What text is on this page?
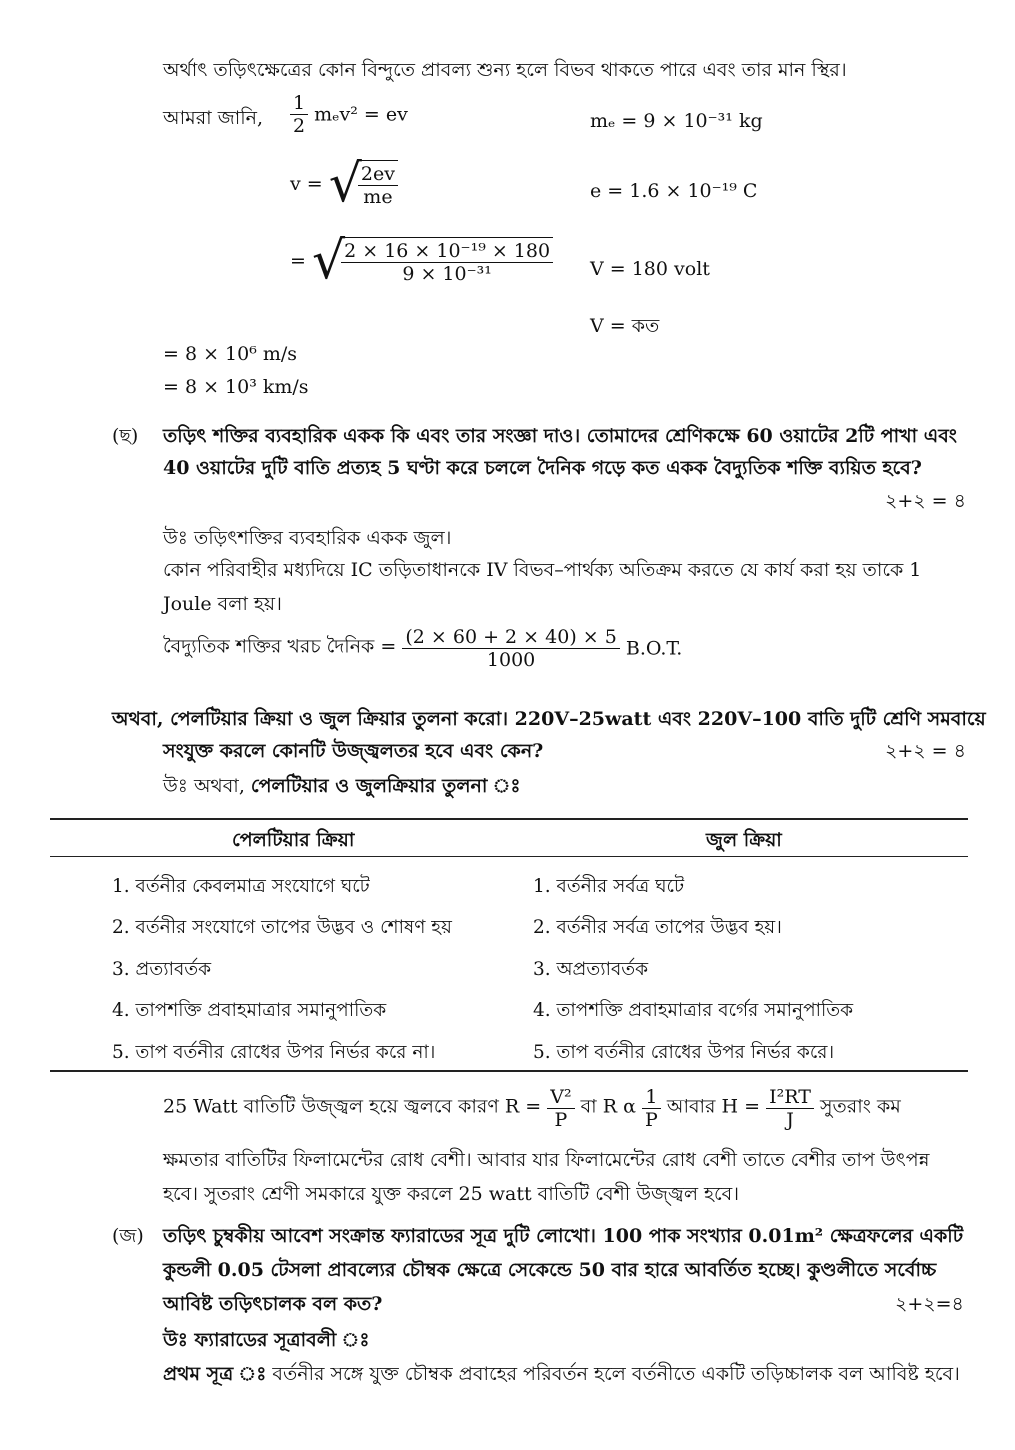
অর্থাৎ তড়িৎক্ষেত্রের কোন বিন্দুতে প্রাবল্য শুন্য হলে বিভব থাকতে পারে এবং তার মান স্থির।
আমরা জানি, $\frac{1}{2} m_ev^2$ = ev
v = √
$\frac{2ev}{me}$
= √
$\frac{\text{2 × 16 × 10⁻¹⁹ × 180}}{\text{9 × 10⁻³¹}}$
mₑ = 9 × 10⁻³¹ kg
e = 1.6 × 10⁻¹⁹ C
V = 180 volt
V = কত
= 8 × 10⁶ m/s
= 8 × 10³ km/s
(ছ) তড়িৎ শক্তির ব্যবহারিক একক কি এবং তার সংজ্ঞা দাও। তোমাদের শ্রেণিকক্ষে 60 ওয়াটের 2টি পাখা এবং
40 ওয়াটের দুটি বাতি প্রত্যহ 5 ঘণ্টা করে চললে দৈনিক গড়ে কত একক বৈদ্যুতিক শক্তি ব্যয়িত হবে?
২+২ = ৪
উঃ তড়িৎশক্তির ব্যবহারিক একক জুল।
কোন পরিবাহীর মধ্যদিয়ে IC তড়িতাধানকে IV বিভব–পার্থক্য অতিক্রম করতে যে কার্য করা হয় তাকে 1
Joule বলা হয়।
বৈদ্যুতিক শক্তির খরচ দৈনিক = $\frac{(2 \times 60 + 2 \times 40) \times 5}{1000} B.O.T$.
অথবা, পেলটিয়ার ক্রিয়া ও জুল ক্রিয়ার তুলনা করো। 220V–25watt এবং 220V–100 বাতি দুটি শ্রেণি সমবায়ে
সংযুক্ত করলে কোনটি উজ্জ্বলতর হবে এবং কেন?	২+২ = ৪
উঃ অথবা, পেলটিয়ার ও জুলক্রিয়ার তুলনা ঃ
পেলটিয়ার ক্রিয়া	জুল ক্রিয়া
1. বর্তনীর কেবলমাত্র সংযোগে ঘটে	1. বর্তনীর সর্বত্র ঘটে
2. বর্তনীর সংযোগে তাপের উদ্ভব ও শোষণ হয়	2. বর্তনীর সর্বত্র তাপের উদ্ভব হয়।
3. প্রত্যাবর্তক	3. অপ্রত্যাবর্তক
4. তাপশক্তি প্রবাহমাত্রার সমানুপাতিক	4. তাপশক্তি প্রবাহমাত্রার বর্গের সমানুপাতিক
5. তাপ বর্তনীর রোধের উপর নির্ভর করে না।	5. তাপ বর্তনীর রোধের উপর নির্ভর করে।
25 Watt বাতিটি উজ্জ্বল হয়ে জ্বলবে কারণ $R = \frac{\text{V²}}{P}$ বা R α $\frac{1}{P}$ আবার $H = \frac{\text{I²RT}}{J}$ সুতরাং কম
ক্ষমতার বাতিটির ফিলামেন্টের রোধ বেশী। আবার যার ফিলামেন্টের রোধ বেশী তাতে বেশীর তাপ উৎপন্ন
হবে। সুতরাং শ্রেণী সমকারে যুক্ত করলে 25 watt বাতিটি বেশী উজ্জ্বল হবে।
(জ) তড়িৎ চুম্বকীয় আবেশ সংক্রান্ত ফ্যারাডের সূত্র দুটি লোখো। 100 পাক সংখ্যার 0.01m² ক্ষেত্রফলের একটি
কুন্ডলী 0.05 টেসলা প্রাবল্যের চৌম্বক ক্ষেত্রে সেকেন্ডে 50 বার হারে আবর্তিত হচ্ছে। কুণ্ডলীতে সর্বোচ্চ
আবিষ্ট তড়িৎচালক বল কত?	২+২=৪
উঃ ফ্যারাডের সূত্রাবলী ঃ
প্রথম সূত্র ঃ বর্তনীর সঙ্গে যুক্ত চৌম্বক প্রবাহের পরিবর্তন হলে বর্তনীতে একটি তড়িচ্চালক বল আবিষ্ট হবে।
